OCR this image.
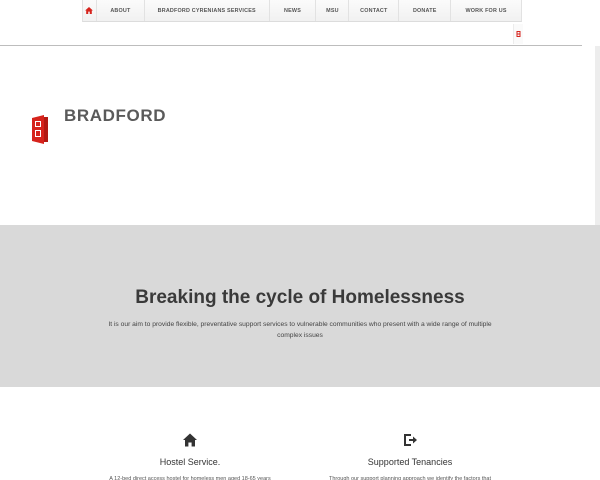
ABOUT	BRADFORD CYRENIANS SERVICES	NEWS	MSU	CONTACT	DONATE	WORK FOR US
BRADFORD
Breaking the cycle of Homelessness

It is our aim to provide flexible, preventative support services to vulnerable communities who present with a wide range of multiple complex issues

Hostel Service.
A 12-bed direct access hostel for homeless men aged 18-65 years
Supported Tenancies
Through our support planning approach we identify the factors that
